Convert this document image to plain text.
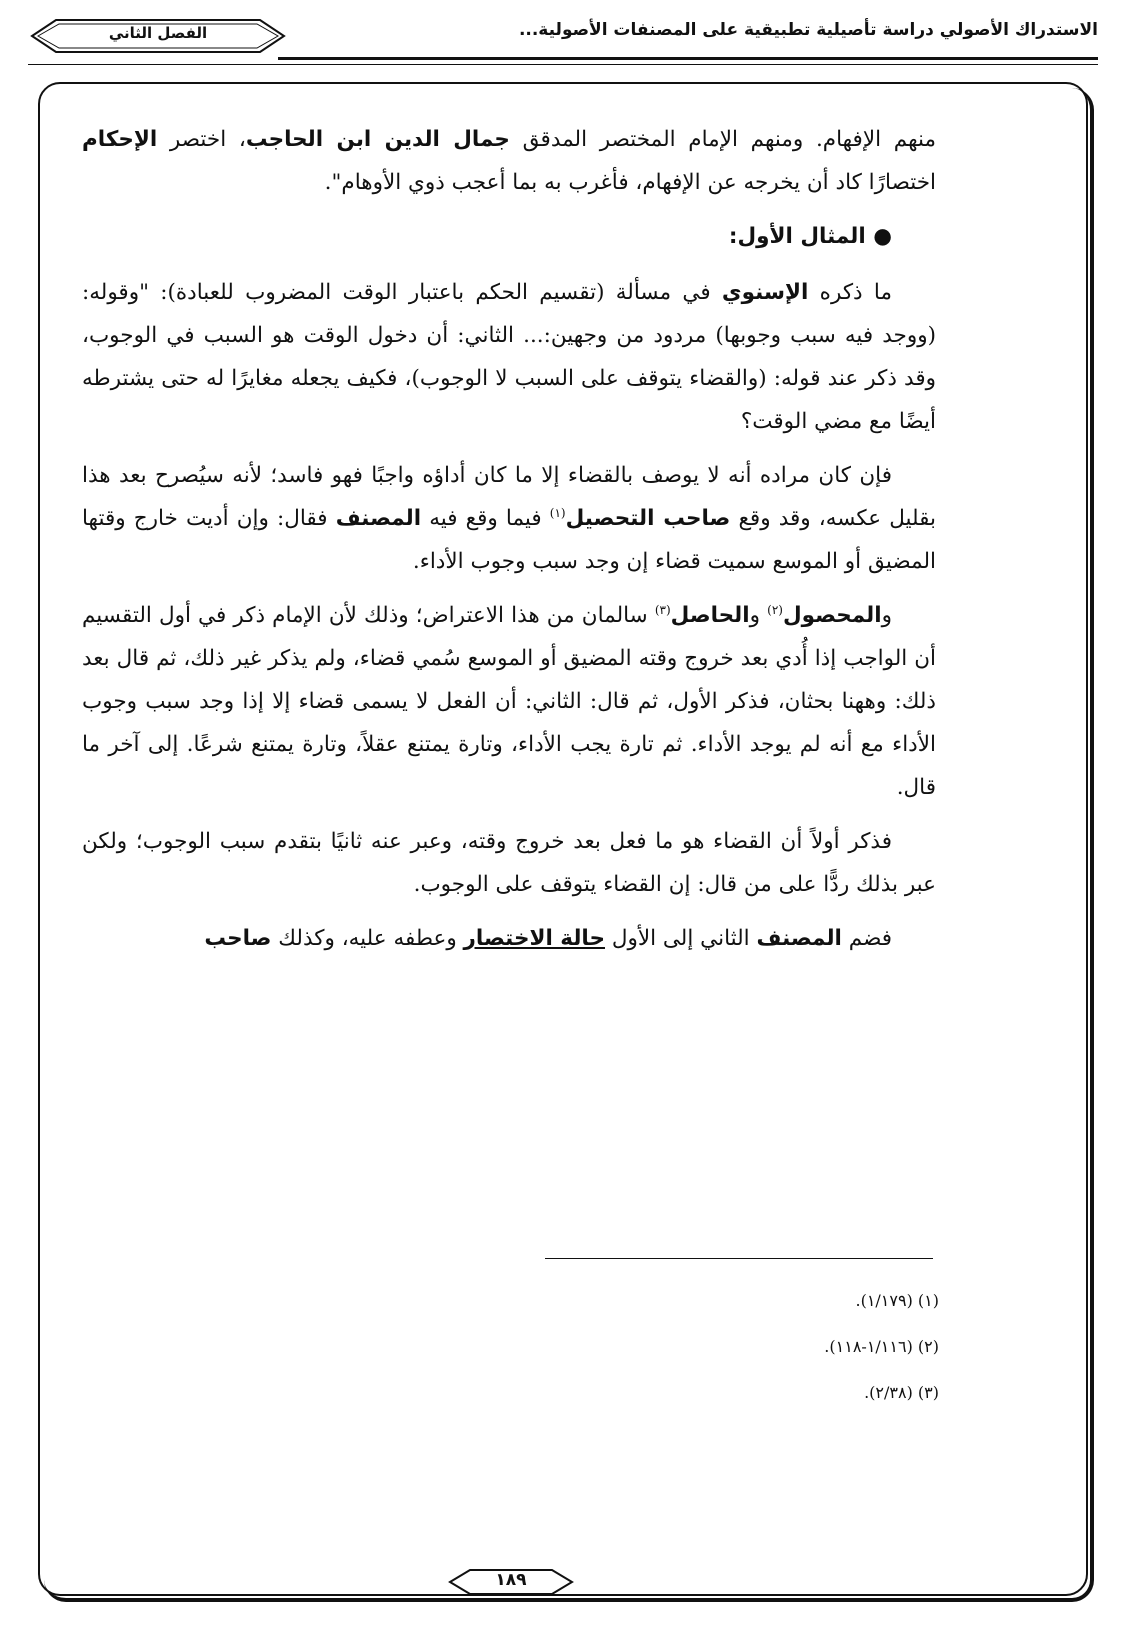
الاستدراك الأصولي دراسة تأصيلية تطبيقية على المصنفات الأصولية...
الفصل الثاني

منهم الإفهام. ومنهم الإمام المختصر المدقق جمال الدين ابن الحاجب، اختصر الإحكام اختصارًا كاد أن يخرجه عن الإفهام، فأغرب به بما أعجب ذوي الأوهام".

● المثال الأول:

ما ذكره الإسنوي في مسألة (تقسيم الحكم باعتبار الوقت المضروب للعبادة): "وقوله: (ووجد فيه سبب وجوبها) مردود من وجهين:... الثاني: أن دخول الوقت هو السبب في الوجوب، وقد ذكر عند قوله: (والقضاء يتوقف على السبب لا الوجوب)، فكيف يجعله مغايرًا له حتى يشترطه أيضًا مع مضي الوقت؟

فإن كان مراده أنه لا يوصف بالقضاء إلا ما كان أداؤه واجبًا فهو فاسد؛ لأنه سيُصرح بعد هذا بقليل عكسه، وقد وقع صاحب التحصيل$^{(١)}$ فيما وقع فيه المصنف فقال: وإن أديت خارج وقتها المضيق أو الموسع سميت قضاء إن وجد سبب وجوب الأداء.

والمحصول$^{(٢)}$ والحاصل$^{(٣)}$ سالمان من هذا الاعتراض؛ وذلك لأن الإمام ذكر في أول التقسيم أن الواجب إذا أُدي بعد خروج وقته المضيق أو الموسع سُمي قضاء، ولم يذكر غير ذلك، ثم قال بعد ذلك: وههنا بحثان، فذكر الأول، ثم قال: الثاني: أن الفعل لا يسمى قضاء إلا إذا وجد سبب وجوب الأداء مع أنه لم يوجد الأداء. ثم تارة يجب الأداء، وتارة يمتنع عقلاً، وتارة يمتنع شرعًا. إلى آخر ما قال.

فذكر أولاً أن القضاء هو ما فعل بعد خروج وقته، وعبر عنه ثانيًا بتقدم سبب الوجوب؛ ولكن عبر بذلك ردًّا على من قال: إن القضاء يتوقف على الوجوب.

فضم المصنف الثاني إلى الأول حالة الاختصار وعطفه عليه، وكذلك صاحب

(١) (١/١٧٩).
(٢) (١/١١٦-١١٨).
(٣) (٢/٣٨).
١٨٩
